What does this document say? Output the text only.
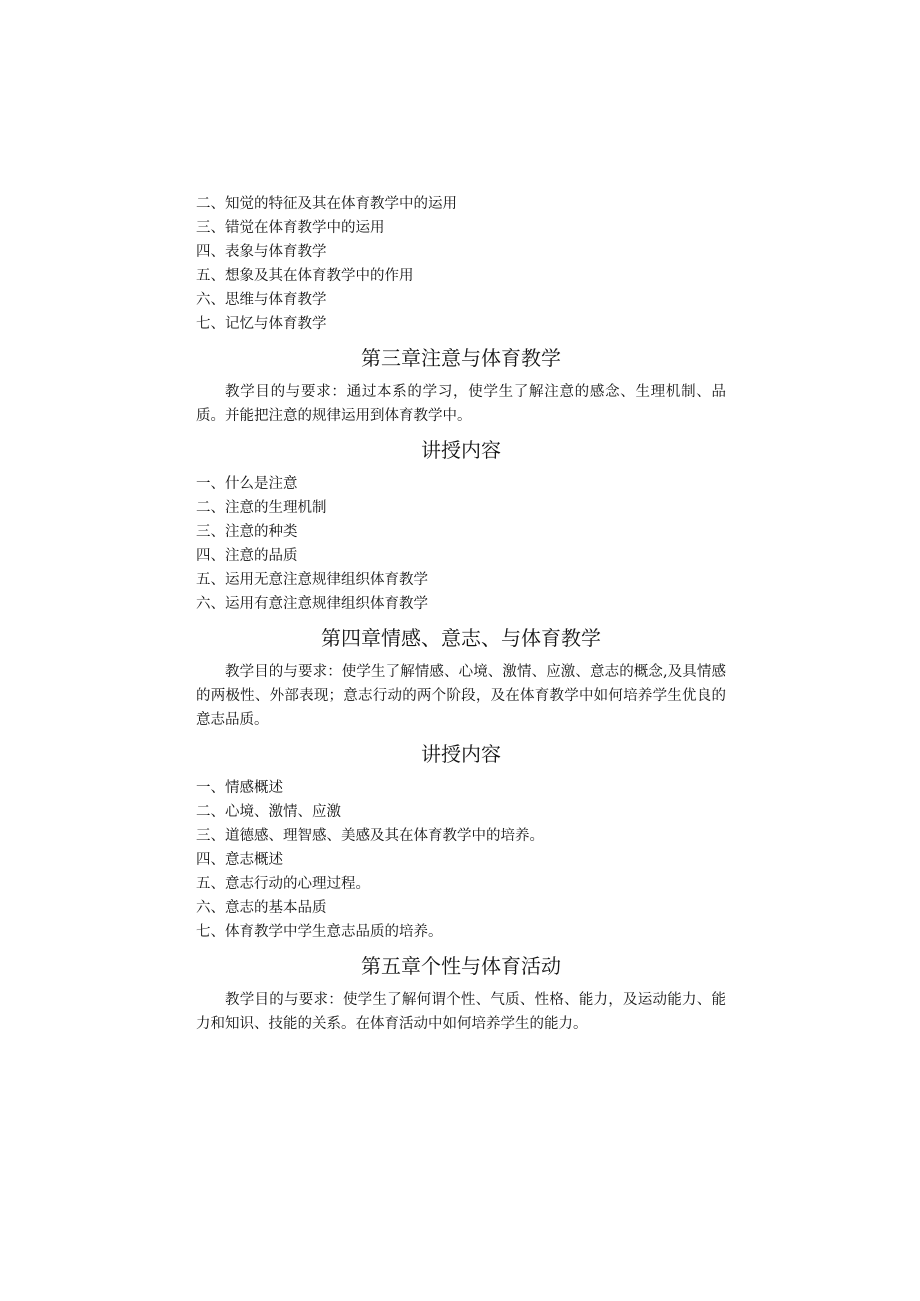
二、知觉的特征及其在体育教学中的运用
三、错觉在体育教学中的运用
四、表象与体育教学
五、想象及其在体育教学中的作用
六、思维与体育教学
七、记忆与体育教学
第三章注意与体育教学
教学目的与要求：通过本系的学习，使学生了解注意的感念、生理机制、品质。并能把注意的规律运用到体育教学中。
讲授内容
一、什么是注意
二、注意的生理机制
三、注意的种类
四、注意的品质
五、运用无意注意规律组织体育教学
六、运用有意注意规律组织体育教学
第四章情感、意志、与体育教学
教学目的与要求：使学生了解情感、心境、激情、应激、意志的概念,及具情感的两极性、外部表现；意志行动的两个阶段，及在体育教学中如何培养学生优良的意志品质。
讲授内容
一、情感概述
二、心境、激情、应激
三、道德感、理智感、美感及其在体育教学中的培养。
四、意志概述
五、意志行动的心理过程。
六、意志的基本品质
七、体育教学中学生意志品质的培养。
第五章个性与体育活动
教学目的与要求：使学生了解何谓个性、气质、性格、能力，及运动能力、能力和知识、技能的关系。在体育活动中如何培养学生的能力。
